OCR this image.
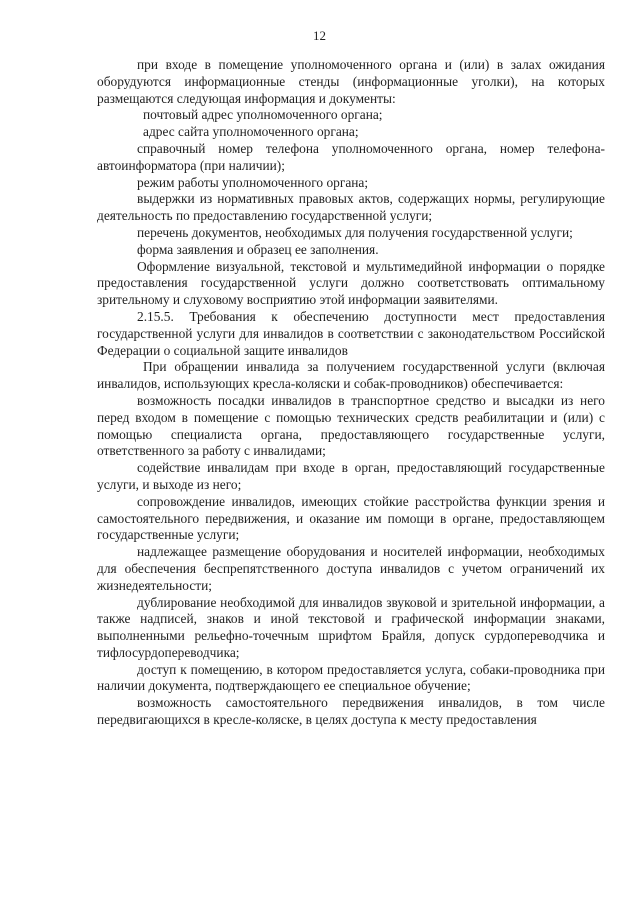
12

при входе в помещение уполномоченного органа и (или) в залах ожидания оборудуются информационные стенды (информационные уголки), на которых размещаются следующая информация и документы:

почтовый адрес уполномоченного органа;

адрес сайта уполномоченного органа;

справочный номер телефона уполномоченного органа, номер телефона-автоинформатора (при наличии);

режим работы уполномоченного органа;

выдержки из нормативных правовых актов, содержащих нормы, регулирующие деятельность по предоставлению государственной услуги;

перечень документов, необходимых для получения государственной услуги;

форма заявления и образец ее заполнения.

Оформление визуальной, текстовой и мультимедийной информации о порядке предоставления государственной услуги должно соответствовать оптимальному зрительному и слуховому восприятию этой информации заявителями.

2.15.5. Требования к обеспечению доступности мест предоставления государственной услуги для инвалидов в соответствии с законодательством Российской Федерации о социальной защите инвалидов

При обращении инвалида за получением государственной услуги (включая инвалидов, использующих кресла-коляски и собак-проводников) обеспечивается:

возможность посадки инвалидов в транспортное средство и высадки из него перед входом в помещение с помощью технических средств реабилитации и (или) с помощью специалиста органа, предоставляющего государственные услуги, ответственного за работу с инвалидами;

содействие инвалидам при входе в орган, предоставляющий государственные услуги, и выходе из него;

сопровождение инвалидов, имеющих стойкие расстройства функции зрения и самостоятельного передвижения, и оказание им помощи в органе, предоставляющем государственные услуги;

надлежащее размещение оборудования и носителей информации, необходимых для обеспечения беспрепятственного доступа инвалидов с учетом ограничений их жизнедеятельности;

дублирование необходимой для инвалидов звуковой и зрительной информации, а также надписей, знаков и иной текстовой и графической информации знаками, выполненными рельефно-точечным шрифтом Брайля, допуск сурдопереводчика и тифлосурдопереводчика;

доступ к помещению, в котором предоставляется услуга, собаки-проводника при наличии документа, подтверждающего ее специальное обучение;

возможность самостоятельного передвижения инвалидов, в том числе передвигающихся в кресле-коляске, в целях доступа к месту предоставления
